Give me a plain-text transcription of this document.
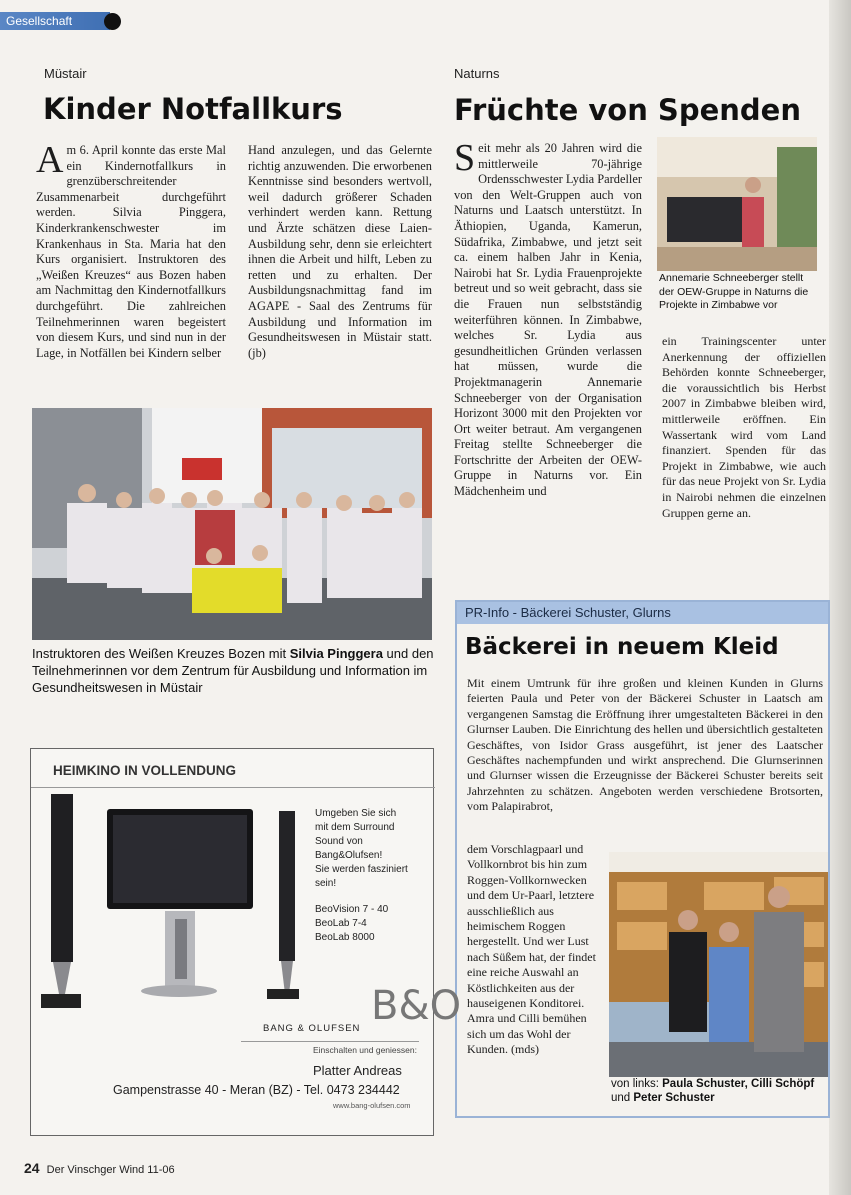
Gesellschaft
Müstair
Kinder Notfallkurs

Am 6. April konnte das erste Mal ein Kindernotfallkurs in grenzüberschreitender Zusammenarbeit durchgeführt werden. Silvia Pinggera, Kinderkrankenschwester im Krankenhaus in Sta. Maria hat den Kurs organisiert. Instruktoren des „Weißen Kreuzes“ aus Bozen haben am Nachmittag den Kindernotfallkurs durchgeführt. Die zahlreichen Teilnehmerinnen waren begeistert von diesem Kurs, und sind nun in der Lage, in Notfällen bei Kindern selber

Hand anzulegen, und das Gelernte richtig anzuwenden. Die erworbenen Kenntnisse sind besonders wertvoll, weil dadurch größerer Schaden verhindert werden kann. Rettung und Ärzte schätzen diese Laien-Ausbildung sehr, denn sie erleichtert ihnen die Arbeit und hilft, Leben zu retten und zu erhalten. Der Ausbildungsnachmittag fand im AGAPE - Saal des Zentrums für Ausbildung und Information im Gesundheitswesen in Müstair statt. (jb)

Instruktoren des Weißen Kreuzes Bozen mit Silvia Pinggera und den Teilnehmerinnen vor dem Zentrum für Ausbildung und Information im Gesundheitswesen in Müstair
Naturns
Früchte von Spenden

Seit mehr als 20 Jahren wird die mittlerweile 70-jährige Ordensschwester Lydia Pardeller von den Welt-Gruppen auch von Naturns und Laatsch unterstützt. In Äthiopien, Uganda, Kamerun, Südafrika, Zimbabwe, und jetzt seit ca. einem halben Jahr in Kenia, Nairobi hat Sr. Lydia Frauenprojekte betreut und so weit gebracht, dass sie die Frauen nun selbstständig weiterführen können. In Zimbabwe, welches Sr. Lydia aus gesundheitlichen Gründen verlassen hat müssen, wurde die Projektmanagerin Annemarie Schneeberger von der Organisation Horizont 3000 mit den Projekten vor Ort weiter betraut. Am vergangenen Freitag stellte Schneeberger die Fortschritte der Arbeiten der OEW-Gruppe in Naturns vor. Ein Mädchenheim und

Annemarie Schneeberger stellt der OEW-Gruppe in Naturns die Projekte in Zimbabwe vor

ein Trainingscenter unter Anerkennung der offiziellen Behörden konnte Schneeberger, die voraussichtlich bis Herbst 2007 in Zimbabwe bleiben wird, mittlerweile eröffnen. Ein Wassertank wird vom Land finanziert. Spenden für das Projekt in Zimbabwe, wie auch für das neue Projekt von Sr. Lydia in Nairobi nehmen die einzelnen Gruppen gerne an.

PR-Info - Bäckerei Schuster, Glurns
Bäckerei in neuem Kleid
Mit einem Umtrunk für ihre großen und kleinen Kunden in Glurns feierten Paula und Peter von der Bäckerei Schuster in Laatsch am vergangenen Samstag die Eröffnung ihrer umgestalteten Bäckerei in den Glurnser Lauben. Die Einrichtung des hellen und übersichtlich gestalteten Geschäftes, von Isidor Grass ausgeführt, ist jener des Laatscher Geschäftes nachempfunden und wirkt ansprechend. Die Glurnserinnen und Glurnser wissen die Erzeugnisse der Bäckerei Schuster bereits seit Jahrzehnten zu schätzen. Angeboten werden verschiedene Brotsorten, vom Palapirabrot,
dem Vorschlagpaarl und Vollkornbrot bis hin zum Roggen-Vollkornwecken und dem Ur-Paarl, letztere ausschließlich aus heimischem Roggen hergestellt. Und wer Lust nach Süßem hat, der findet eine reiche Auswahl an Köstlichkeiten aus der hauseigenen Konditorei. Amra und Cilli bemühen sich um das Wohl der Kunden. (mds)
von links: Paula Schuster, Cilli Schöpf und Peter Schuster
HEIMKINO IN VOLLENDUNG
Umgeben Sie sich
mit dem Surround
Sound von
Bang&Olufsen!
Sie werden fasziniert
sein!
BeoVision 7 - 40
BeoLab 7-4
BeoLab 8000
B&O
BANG & OLUFSEN
Einschalten und geniessen:
Platter Andreas
Gampenstrasse 40 - Meran (BZ) - Tel. 0473 234442
www.bang-olufsen.com
24 Der Vinschger Wind 11-06
